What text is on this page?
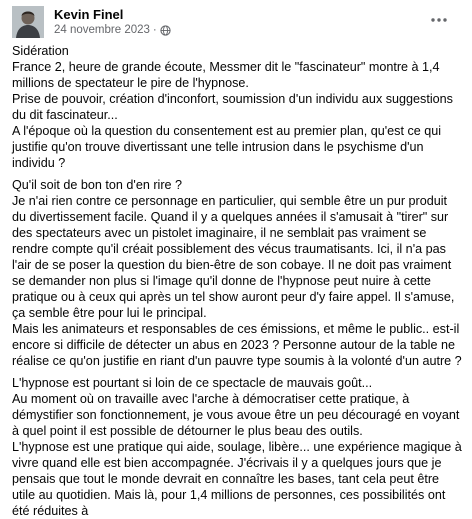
Kevin Finel
24 novembre 2023 ·

Sidération

France 2, heure de grande écoute, Messmer dit le "fascinateur" montre à 1,4 millions de spectateur le pire de l'hypnose.

Prise de pouvoir, création d'inconfort, soumission d'un individu aux suggestions du dit fascinateur...

A l'époque où la question du consentement est au premier plan, qu'est ce qui justifie qu'on trouve divertissant une telle intrusion dans le psychisme d'un individu ?

Qu'il soit de bon ton d'en rire ?

Je n'ai rien contre ce personnage en particulier, qui semble être un pur produit du divertissement facile. Quand il y a quelques années il s'amusait à "tirer" sur des spectateurs avec un pistolet imaginaire, il ne semblait pas vraiment se rendre compte qu'il créait possiblement des vécus traumatisants. Ici, il n'a pas l'air de se poser la question du bien-être de son cobaye. Il ne doit pas vraiment se demander non plus si l'image qu'il donne de l'hypnose peut nuire à cette pratique ou à ceux qui après un tel show auront peur d'y faire appel. Il s'amuse, ça semble être pour lui le principal.

Mais les animateurs et responsables de ces émissions, et même le public.. est-il encore si difficile de détecter un abus en 2023 ? Personne autour de la table ne réalise ce qu'on justifie en riant d'un pauvre type soumis à la volonté d'un autre ?

L'hypnose est pourtant si loin de ce spectacle de mauvais goût...

Au moment où on travaille avec l'arche à démocratiser cette pratique, à démystifier son fonctionnement, je vous avoue être un peu découragé en voyant à quel point il est possible de détourner le plus beau des outils.

L'hypnose est une pratique qui aide, soulage, libère... une expérience magique à vivre quand elle est bien accompagnée. J'écrivais il y a quelques jours que je pensais que tout le monde devrait en connaître les bases, tant cela peut être utile au quotidien. Mais là, pour 1,4 millions de personnes, ces possibilités ont été réduites à
